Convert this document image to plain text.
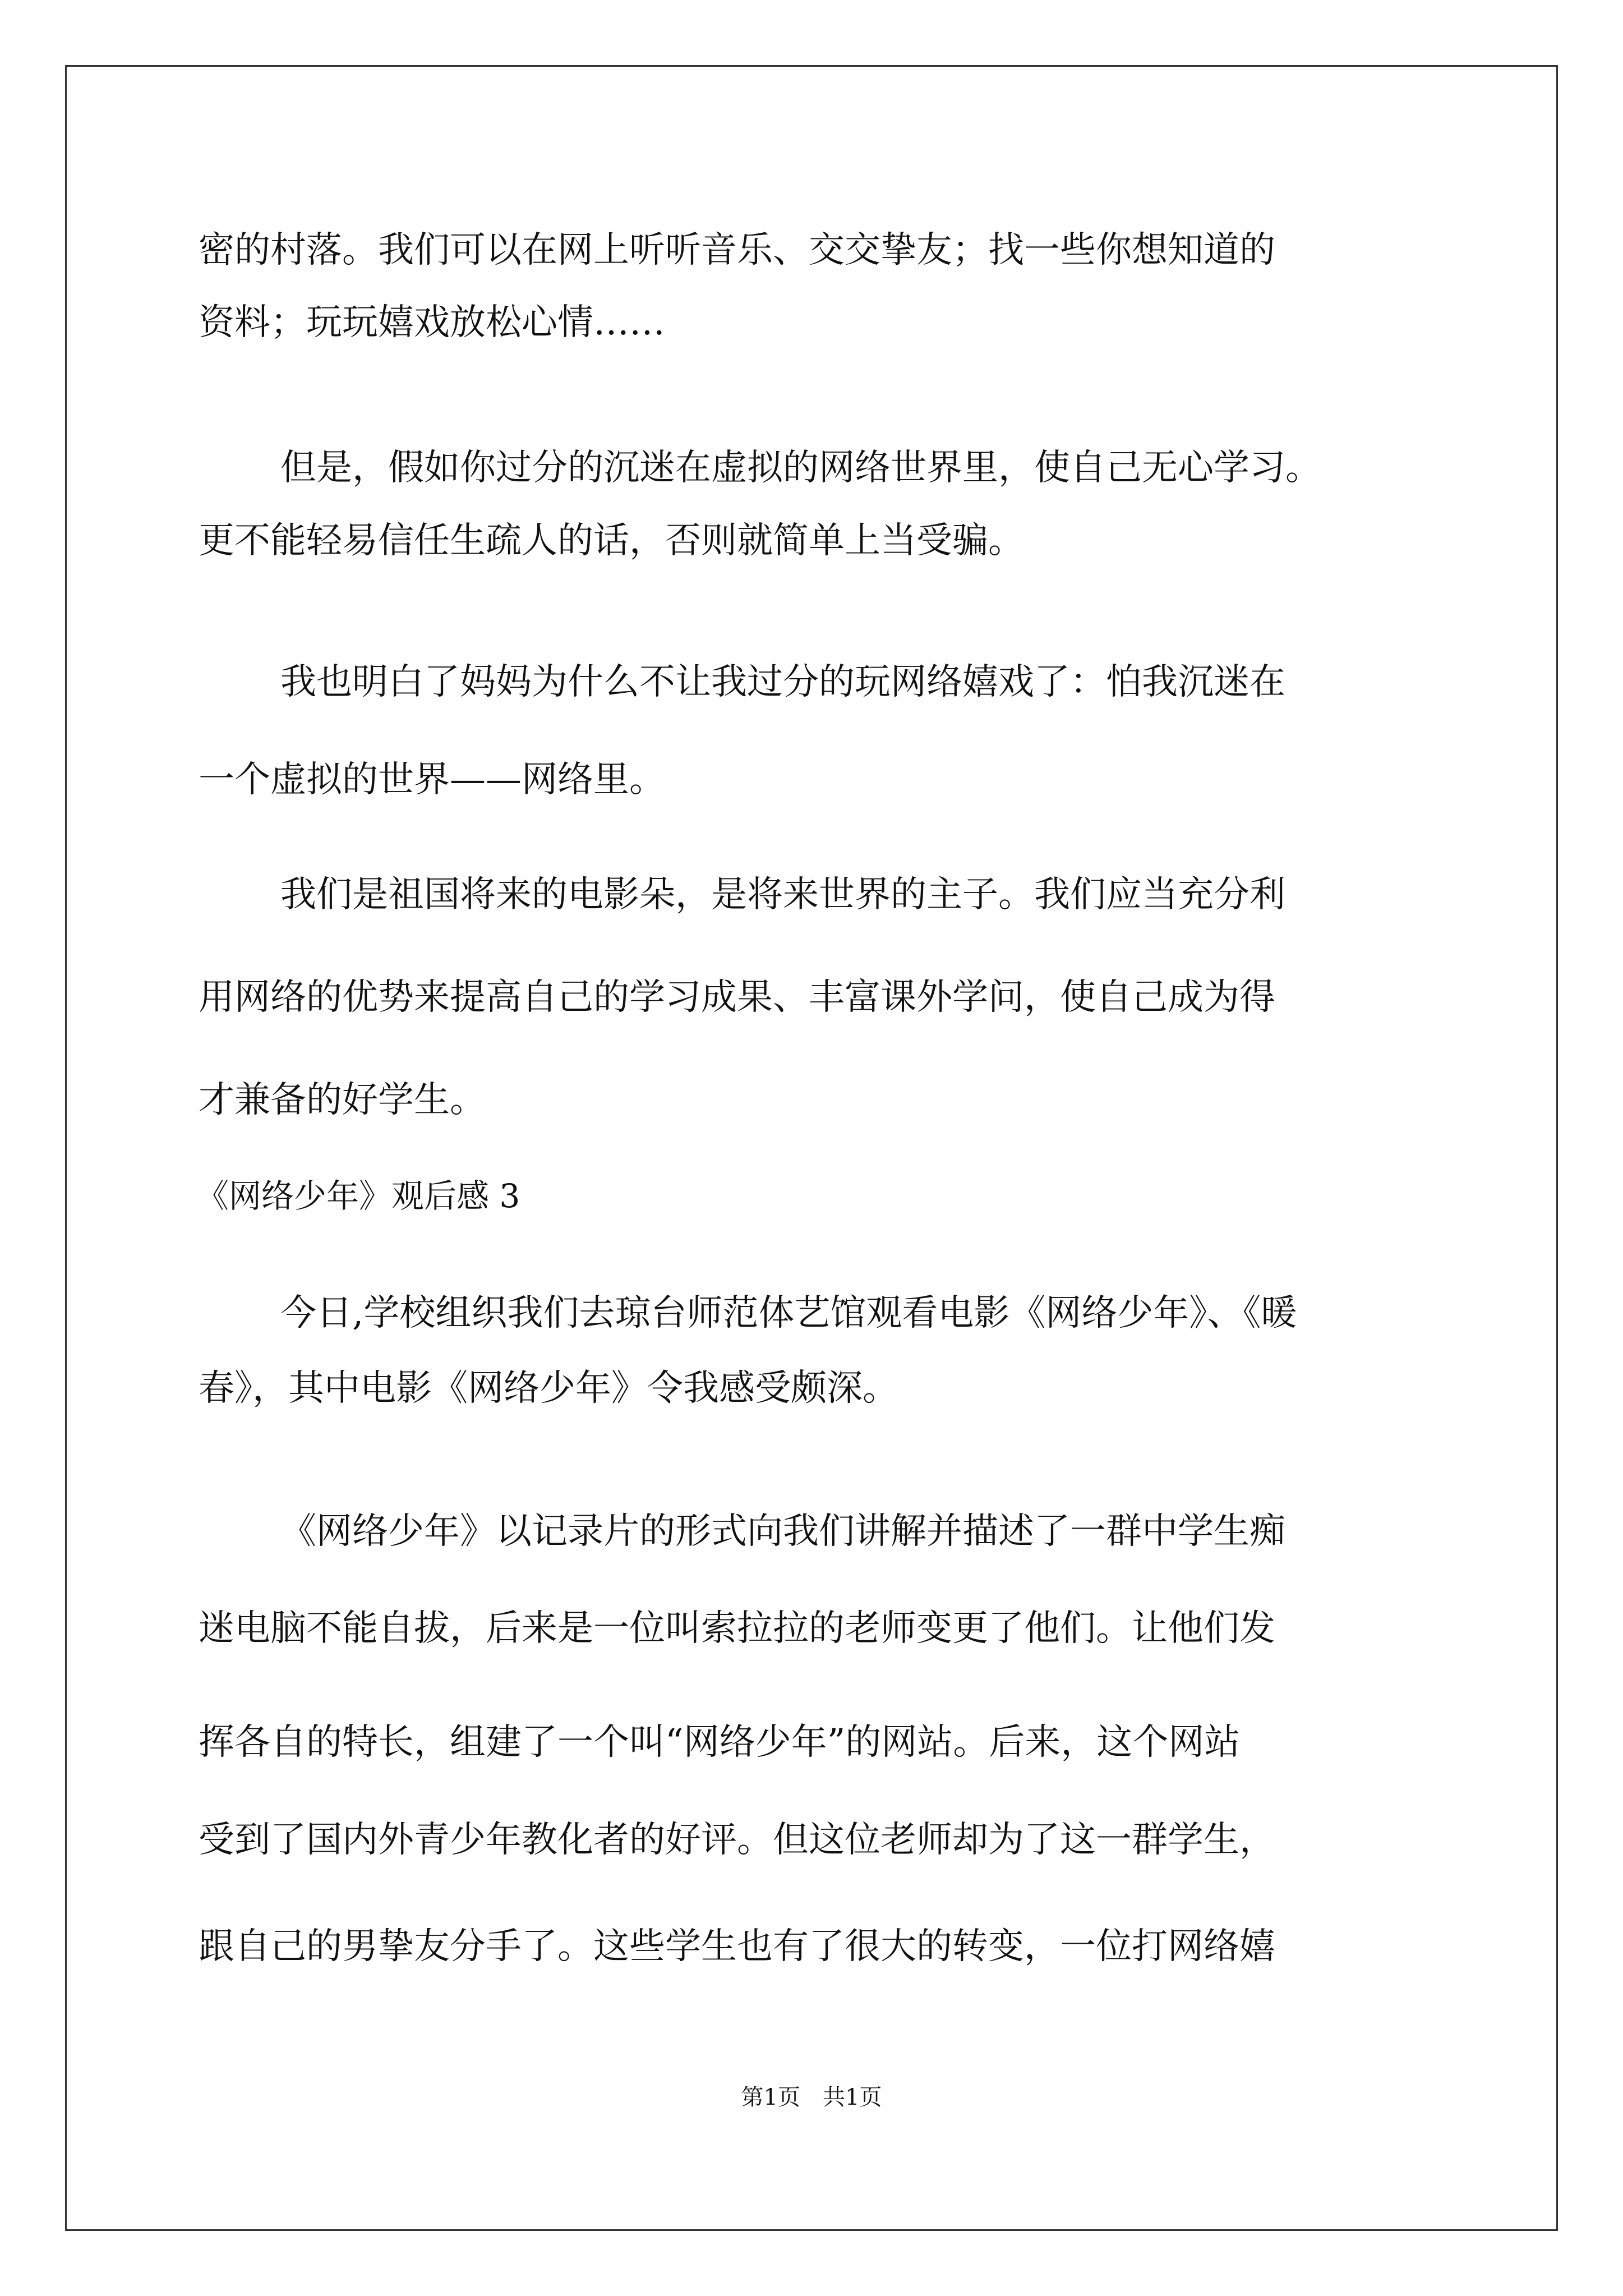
密的村落。我们可以在网上听听音乐、交交挚友；找一些你想知道的
资料；玩玩嬉戏放松心情……
但是，假如你过分的沉迷在虚拟的网络世界里，使自己无心学习。
更不能轻易信任生疏人的话，否则就简单上当受骗。
我也明白了妈妈为什么不让我过分的玩网络嬉戏了：怕我沉迷在
一个虚拟的世界——网络里。
我们是祖国将来的电影朵，是将来世界的主子。我们应当充分利
用网络的优势来提高自己的学习成果、丰富课外学问，使自己成为得
才兼备的好学生。
《网络少年》观后感 3
今日,学校组织我们去琼台师范体艺馆观看电影《网络少年》、《暖
春》，其中电影《网络少年》令我感受颇深。
《网络少年》以记录片的形式向我们讲解并描述了一群中学生痴
迷电脑不能自拔，后来是一位叫索拉拉的老师变更了他们。让他们发
挥各自的特长，组建了一个叫“网络少年”的网站。后来，这个网站
受到了国内外青少年教化者的好评。但这位老师却为了这一群学生，
跟自己的男挚友分手了。这些学生也有了很大的转变，一位打网络嬉
第1页　共1页
